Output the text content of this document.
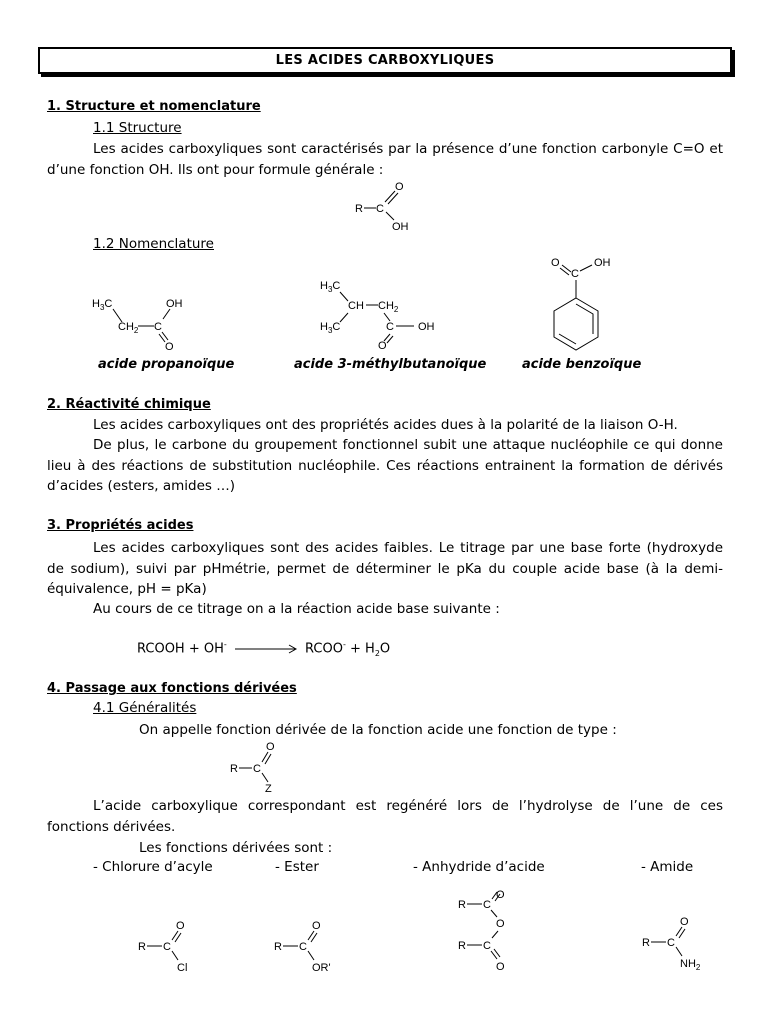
LES ACIDES CARBOXYLIQUES
1. Structure et nomenclature
1.1 Structure
Les acides carboxyliques sont caractérisés par la présence d’une fonction carbonyle C=O et d’une fonction OH. Ils ont pour formule générale :
R C
O
OH
1.2 Nomenclature
$H_3C$
$CH_2$ C
OH
O
$H_3C$
CH $CH_2$
$H_3C$	C OH
O
O
C
OH
acide propanoïque	acide 3-méthylbutanoïque	acide benzoïque
2. Réactivité chimique
Les acides carboxyliques ont des propriétés acides dues à la polarité de la liaison O-H.
De plus, le carbone du groupement fonctionnel subit une attaque nucléophile ce qui donne lieu à des réactions de substitution nucléophile. Ces réactions entrainent la formation de dérivés d’acides (esters, amides …)
3. Propriétés acides
Les acides carboxyliques sont des acides faibles. Le titrage par une base forte (hydroxyde de sodium), suivi par pHmétrie, permet de déterminer le pKa du couple acide base (à la demi-équivalence, pH = pKa)
Au cours de ce titrage on a la réaction acide base suivante :
RCOOH + OH-	RCOO- + $H_2O$
4. Passage aux fonctions dérivées
4.1 Généralités
On appelle fonction dérivée de la fonction acide une fonction de type :
R C
O
Z
L’acide carboxylique correspondant est regénéré lors de l’hydrolyse de l’une de ces fonctions dérivées.
Les fonctions dérivées sont :
- Chlorure d’acyle	- Ester	- Anhydride d’acide	- Amide
R C
O
Cl
R C
O
OR'
R C
O
O
R C
O
R C
O
$NH_2$
